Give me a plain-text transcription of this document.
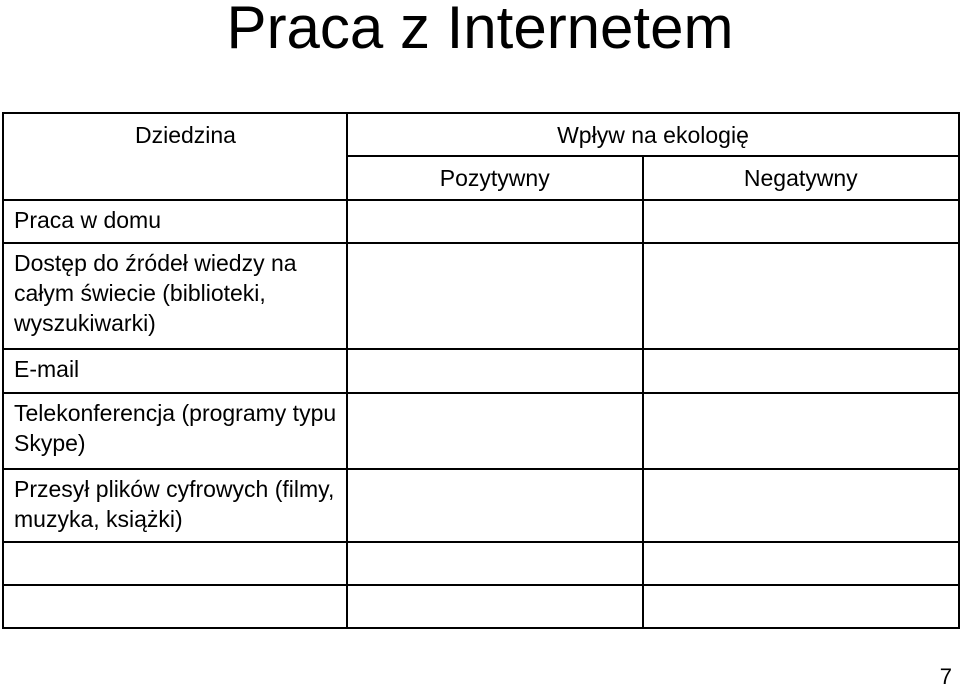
Praca z Internetem
Dziedzina	Wpływ na ekologię	
	Pozytywny	Negatywny
Praca w domu		
Dostęp do źródeł wiedzy na całym świecie (biblioteki, wyszukiwarki)		
E-mail		
Telekonferencja (programy typu Skype)		
Przesył plików cyfrowych (filmy, muzyka, książki)		

7
